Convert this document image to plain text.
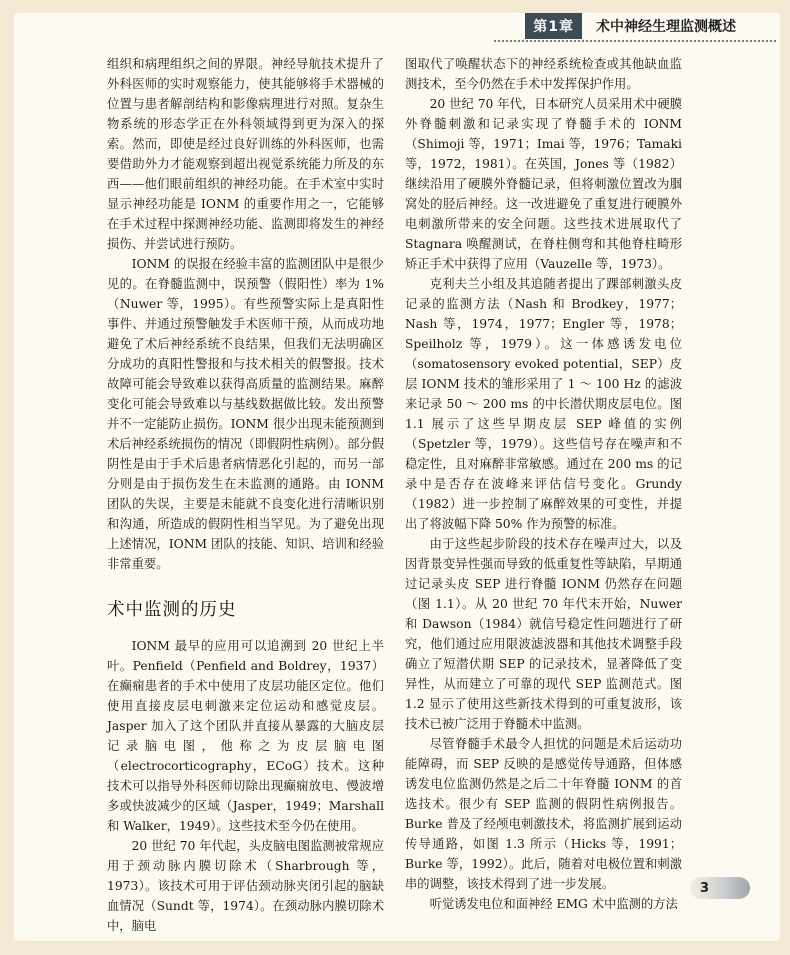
第1章	术中神经生理监测概述

组织和病理组织之间的界限。神经导航技术提升了外科医师的实时观察能力，使其能够将手术器械的位置与患者解剖结构和影像病理进行对照。复杂生物系统的形态学正在外科领域得到更为深入的探索。然而，即使是经过良好训练的外科医师，也需要借助外力才能观察到超出视觉系统能力所及的东西——他们眼前组织的神经功能。在手术室中实时显示神经功能是 IONM 的重要作用之一，它能够在手术过程中探测神经功能、监测即将发生的神经损伤、并尝试进行预防。

IONM 的误报在经验丰富的监测团队中是很少见的。在脊髓监测中，误预警（假阳性）率为 1%（Nuwer 等，1995）。有些预警实际上是真阳性事件、并通过预警触发手术医师干预，从而成功地避免了术后神经系统不良结果，但我们无法明确区分成功的真阳性警报和与技术相关的假警报。技术故障可能会导致难以获得高质量的监测结果。麻醉变化可能会导致难以与基线数据做比较。发出预警并不一定能防止损伤。IONM 很少出现未能预测到术后神经系统损伤的情况（即假阴性病例）。部分假阴性是由于手术后患者病情恶化引起的，而另一部分则是由于损伤发生在未监测的通路。由 IONM 团队的失误，主要是未能就不良变化进行清晰识别和沟通，所造成的假阴性相当罕见。为了避免出现上述情况，IONM 团队的技能、知识、培训和经验非常重要。

术中监测的历史

IONM 最早的应用可以追溯到 20 世纪上半叶。Penfield（Penfield and Boldrey，1937）在癫痫患者的手术中使用了皮层功能区定位。他们使用直接皮层电刺激来定位运动和感觉皮层。Jasper 加入了这个团队并直接从暴露的大脑皮层记录脑电图，他称之为皮层脑电图（electrocorticography，ECoG）技术。这种技术可以指导外科医师切除出现癫痫放电、慢波增多或快波减少的区域（Jasper，1949；Marshall 和 Walker，1949）。这些技术至今仍在使用。

20 世纪 70 年代起，头皮脑电图监测被常规应用于颈动脉内膜切除术（Sharbrough 等，1973）。该技术可用于评估颈动脉夹闭引起的脑缺血情况（Sundt 等，1974）。在颈动脉内膜切除术中，脑电

图取代了唤醒状态下的神经系统检查或其他缺血监测技术，至今仍然在手术中发挥保护作用。

20 世纪 70 年代，日本研究人员采用术中硬膜外脊髓刺激和记录实现了脊髓手术的 IONM（Shimoji 等，1971；Imai 等，1976；Tamaki 等，1972，1981）。在英国，Jones 等（1982）继续沿用了硬膜外脊髓记录，但将刺激位置改为腘窝处的胫后神经。这一改进避免了重复进行硬膜外电刺激所带来的安全问题。这些技术进展取代了 Stagnara 唤醒测试，在脊柱侧弯和其他脊柱畸形矫正手术中获得了应用（Vauzelle 等，1973）。

克利夫兰小组及其追随者提出了踝部刺激头皮记录的监测方法（Nash 和 Brodkey，1977；Nash 等，1974，1977；Engler 等，1978；Speilholz 等，1979）。这一体感诱发电位（somatosensory evoked potential，SEP）皮层 IONM 技术的雏形采用了 1 ～ 100 Hz 的滤波来记录 50 ～ 200 ms 的中长潜伏期皮层电位。图 1.1 展示了这些早期皮层 SEP 峰值的实例（Spetzler 等，1979）。这些信号存在噪声和不稳定性，且对麻醉非常敏感。通过在 200 ms 的记录中是否存在波峰来评估信号变化。Grundy（1982）进一步控制了麻醉效果的可变性，并提出了将波幅下降 50% 作为预警的标准。

由于这些起步阶段的技术存在噪声过大，以及因背景变异性强而导致的低重复性等缺陷，早期通过记录头皮 SEP 进行脊髓 IONM 仍然存在问题（图 1.1）。从 20 世纪 70 年代末开始，Nuwer 和 Dawson（1984）就信号稳定性问题进行了研究，他们通过应用限波滤波器和其他技术调整手段确立了短潜伏期 SEP 的记录技术，显著降低了变异性，从而建立了可靠的现代 SEP 监测范式。图 1.2 显示了使用这些新技术得到的可重复波形，该技术已被广泛用于脊髓术中监测。

尽管脊髓手术最令人担忧的问题是术后运动功能障碍，而 SEP 反映的是感觉传导通路，但体感诱发电位监测仍然是之后二十年脊髓 IONM 的首选技术。很少有 SEP 监测的假阴性病例报告。Burke 普及了经颅电刺激技术，将监测扩展到运动传导通路，如图 1.3 所示（Hicks 等，1991；Burke 等，1992）。此后，随着对电极位置和刺激串的调整，该技术得到了进一步发展。

听觉诱发电位和面神经 EMG 术中监测的方法

3
